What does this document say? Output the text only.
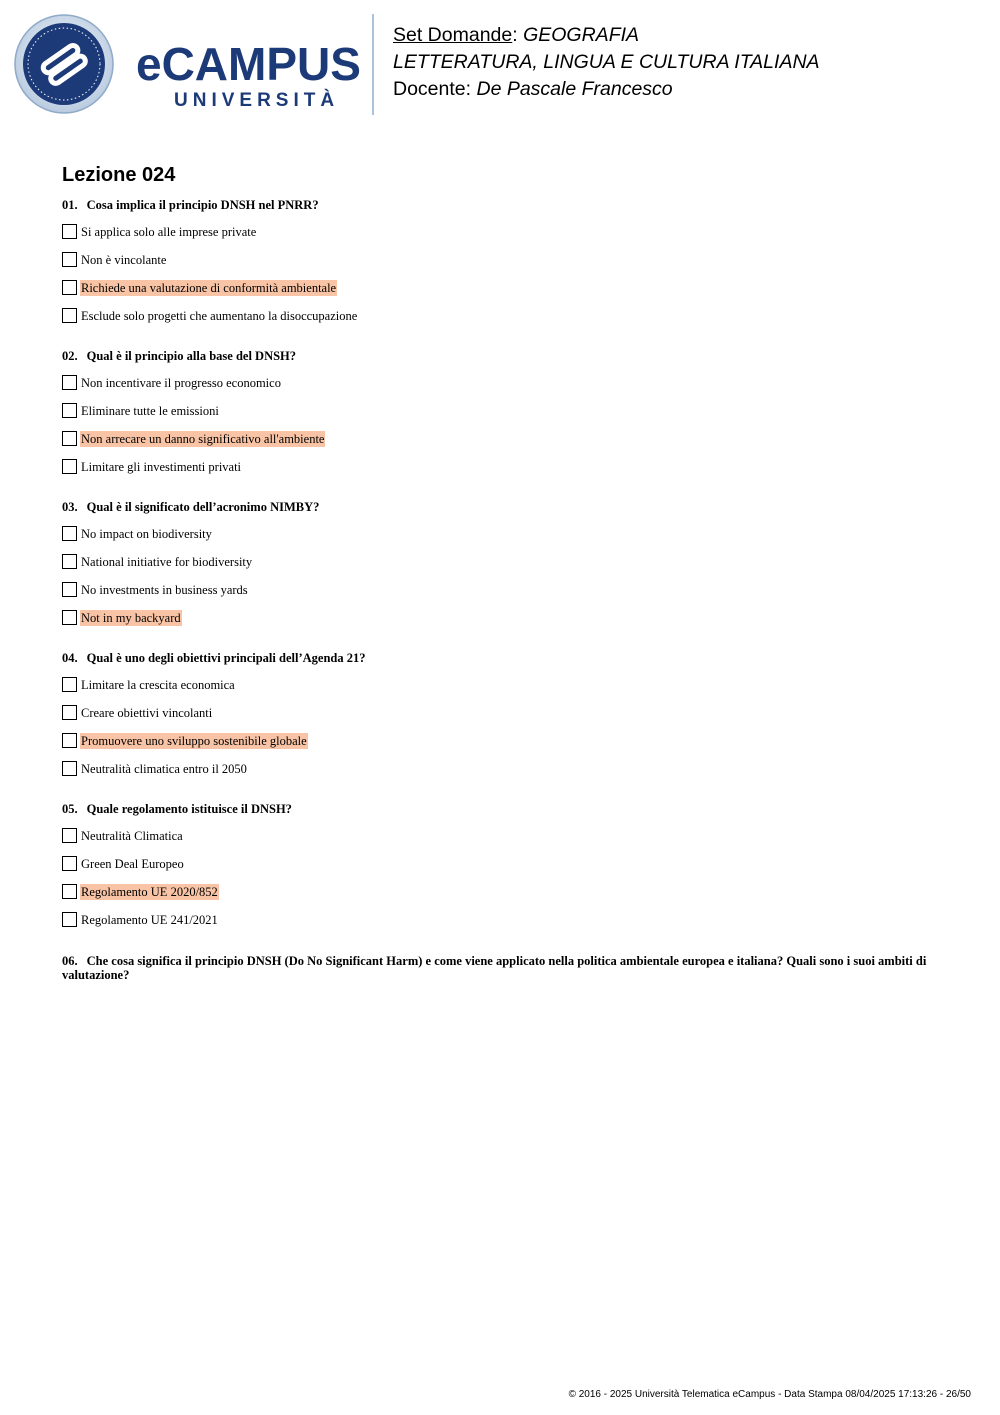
eCAMPUS
UNIVERSITÀ
Set Domande: GEOGRAFIA
LETTERATURA, LINGUA E CULTURA ITALIANA
Docente: De Pascale Francesco
Lezione 024
01. Cosa implica il principio DNSH nel PNRR?
Si applica solo alle imprese private
Non è vincolante
Richiede una valutazione di conformità ambientale
Esclude solo progetti che aumentano la disoccupazione
02. Qual è il principio alla base del DNSH?
Non incentivare il progresso economico
Eliminare tutte le emissioni
Non arrecare un danno significativo all'ambiente
Limitare gli investimenti privati
03. Qual è il significato dell’acronimo NIMBY?
No impact on biodiversity
National initiative for biodiversity
No investments in business yards
Not in my backyard
04. Qual è uno degli obiettivi principali dell’Agenda 21?
Limitare la crescita economica
Creare obiettivi vincolanti
Promuovere uno sviluppo sostenibile globale
Neutralità climatica entro il 2050
05. Quale regolamento istituisce il DNSH?
Neutralità Climatica
Green Deal Europeo
Regolamento UE 2020/852
Regolamento UE 241/2021
06. Che cosa significa il principio DNSH (Do No Significant Harm) e come viene applicato nella politica ambientale europea e italiana? Quali sono i suoi ambiti di valutazione?
© 2016 - 2025 Università Telematica eCampus - Data Stampa 08/04/2025 17:13:26 - 26/50
